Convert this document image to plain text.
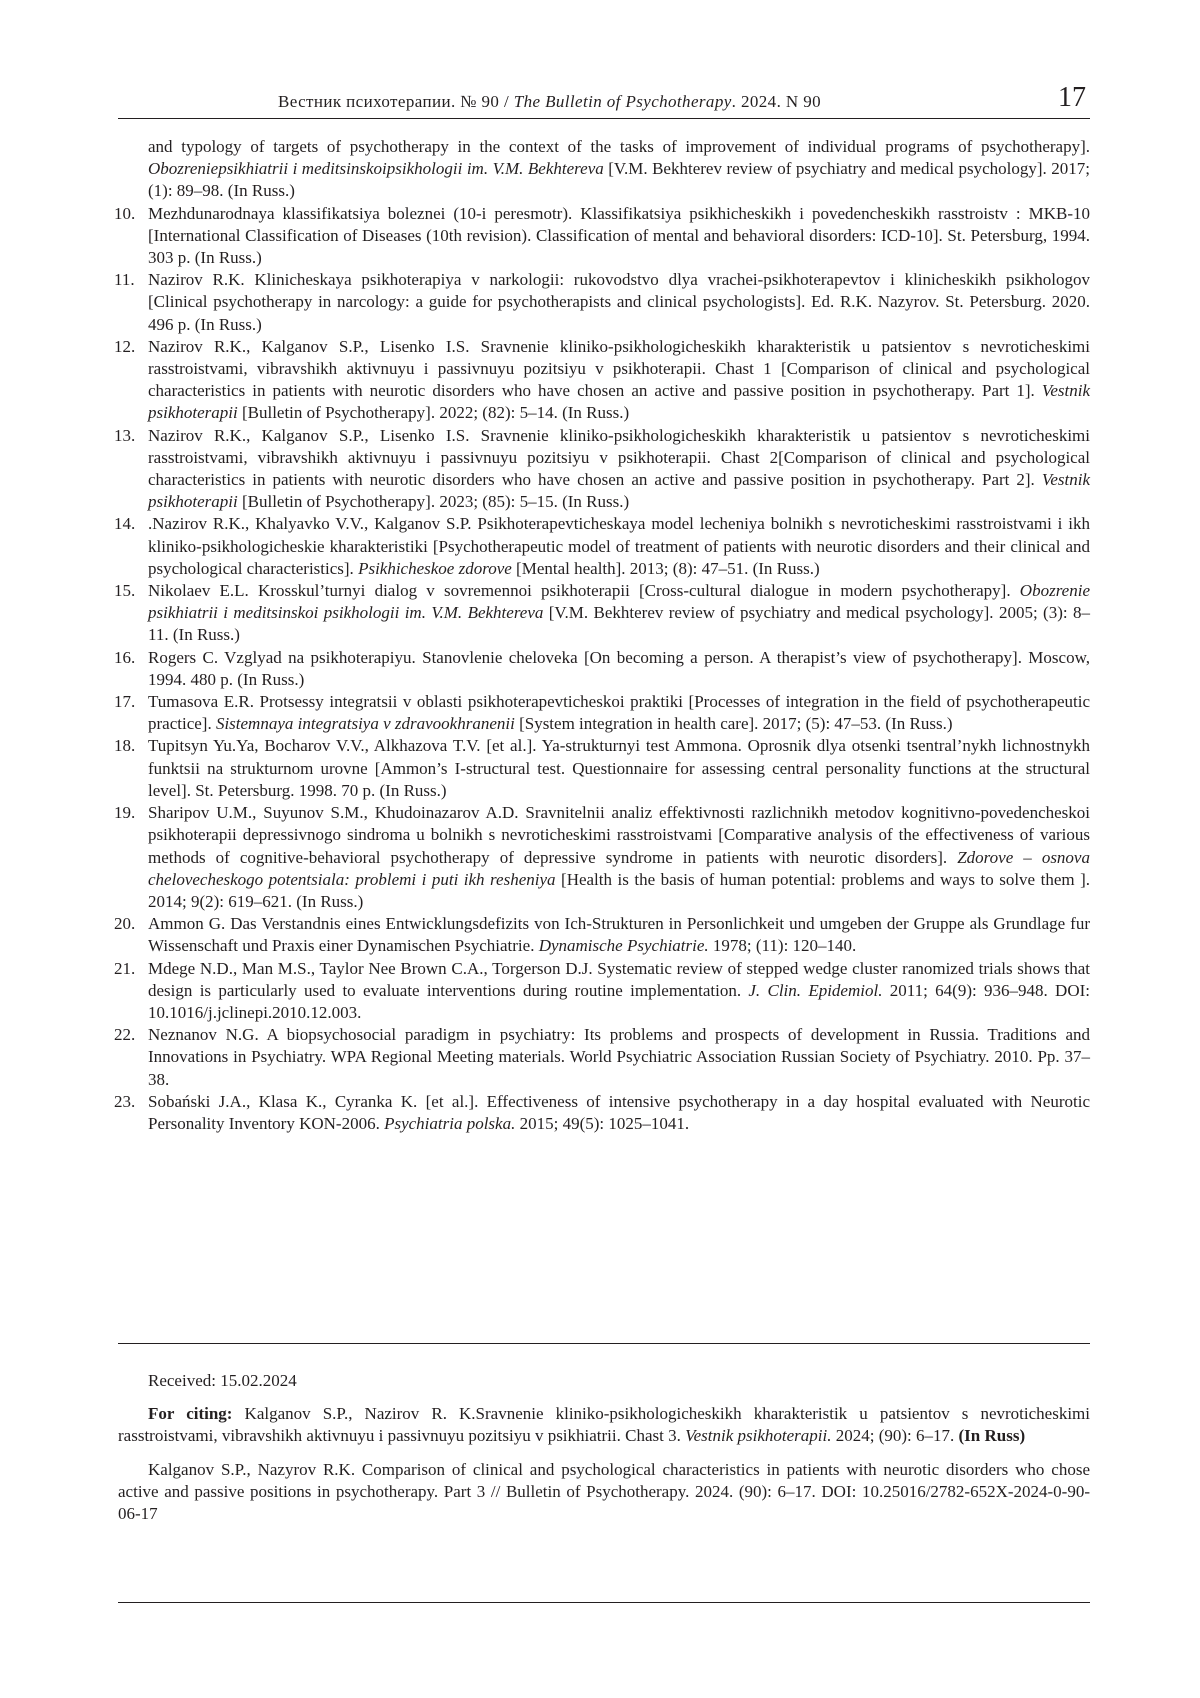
Вестник психотерапии. № 90 / The Bulletin of Psychotherapy. 2024. N 90	17
and typology of targets of psychotherapy in the context of the tasks of improvement of individual programs of psychotherapy]. Obozreniepsikhiatrii i meditsinskoipsikhologii im. V.M. Bekhtereva [V.M. Bekhterev review of psychiatry and medical psychology]. 2017; (1): 89–98. (In Russ.)
10. Mezhdunarodnaya klassifikatsiya boleznei (10-i peresmotr). Klassifikatsiya psikhicheskikh i povedencheskikh rasstroistv : MKB-10 [International Classification of Diseases (10th revision). Classification of mental and behavioral disorders: ICD-10]. St. Petersburg, 1994. 303 p. (In Russ.)
11. Nazirov R.K. Klinicheskaya psikhoterapiya v narkologii: rukovodstvo dlya vrachei-psikhoterapevtov i klinicheskikh psikhologov [Clinical psychotherapy in narcology: a guide for psychotherapists and clinical psychologists]. Ed. R.K. Nazyrov. St. Petersburg. 2020. 496 p. (In Russ.)
12. Nazirov R.K., Kalganov S.P., Lisenko I.S. Sravnenie kliniko-psikhologicheskikh kharakteristik u patsientov s nevroticheskimi rasstroistvami, vibravshikh aktivnuyu i passivnuyu pozitsiyu v psikhoterapii. Chast 1 [Comparison of clinical and psychological characteristics in patients with neurotic disorders who have chosen an active and passive position in psychotherapy. Part 1]. Vestnik psikhoterapii [Bulletin of Psychotherapy]. 2022; (82): 5–14. (In Russ.)
13. Nazirov R.K., Kalganov S.P., Lisenko I.S. Sravnenie kliniko-psikhologicheskikh kharakteristik u patsientov s nevroticheskimi rasstroistvami, vibravshikh aktivnuyu i passivnuyu pozitsiyu v psikhoterapii. Chast 2[Comparison of clinical and psychological characteristics in patients with neurotic disorders who have chosen an active and passive position in psychotherapy. Part 2]. Vestnik psikhoterapii [Bulletin of Psychotherapy]. 2023; (85): 5–15. (In Russ.)
14. .Nazirov R.K., Khalyavko V.V., Kalganov S.P. Psikhoterapevticheskaya model lecheniya bolnikh s nevroticheskimi rasstroistvami i ikh kliniko-psikhologicheskie kharakteristiki [Psychotherapeutic model of treatment of patients with neurotic disorders and their clinical and psychological characteristics]. Psikhicheskoe zdorove [Mental health]. 2013; (8): 47–51. (In Russ.)
15. Nikolaev E.L. Krosskul’turnyi dialog v sovremennoi psikhoterapii [Cross-cultural dialogue in modern psychotherapy]. Obozrenie psikhiatrii i meditsinskoi psikhologii im. V.M. Bekhtereva [V.M. Bekhterev review of psychiatry and medical psychology]. 2005; (3): 8–11. (In Russ.)
16. Rogers C. Vzglyad na psikhoterapiyu. Stanovlenie cheloveka [On becoming a person. A therapist’s view of psychotherapy]. Moscow, 1994. 480 p. (In Russ.)
17. Tumasova E.R. Protsessy integratsii v oblasti psikhoterapevticheskoi praktiki [Processes of integration in the field of psychotherapeutic practice]. Sistemnaya integratsiya v zdravookhranenii [System integration in health care]. 2017; (5): 47–53. (In Russ.)
18. Tupitsyn Yu.Ya, Bocharov V.V., Alkhazova T.V. [et al.]. Ya-strukturnyi test Ammona. Oprosnik dlya otsenki tsentral’nykh lichnostnykh funktsii na strukturnom urovne [Ammon’s I-structural test. Questionnaire for assessing central personality functions at the structural level]. St. Petersburg. 1998. 70 p. (In Russ.)
19. Sharipov U.M., Suyunov S.M., Khudoinazarov A.D. Sravnitelnii analiz effektivnosti razlichnikh metodov kognitivno-povedencheskoi psikhoterapii depressivnogo sindroma u bolnikh s nevroticheskimi rasstroistvami [Comparative analysis of the effectiveness of various methods of cognitive-behavioral psychotherapy of depressive syndrome in patients with neurotic disorders]. Zdorove – osnova chelovecheskogo potentsiala: problemi i puti ikh resheniya [Health is the basis of human potential: problems and ways to solve them ]. 2014; 9(2): 619–621. (In Russ.)
20. Ammon G. Das Verstandnis eines Entwicklungsdefizits von Ich-Strukturen in Personlichkeit und umgeben der Gruppe als Grundlage fur Wissenschaft und Praxis einer Dynamischen Psychiatrie. Dynamische Psychiatrie. 1978; (11): 120–140.
21. Mdege N.D., Man M.S., Taylor Nee Brown C.A., Torgerson D.J. Systematic review of stepped wedge cluster ranomized trials shows that design is particularly used to evaluate interventions during routine implementation. J. Clin. Epidemiol. 2011; 64(9): 936–948. DOI: 10.1016/j.jclinepi.2010.12.003.
22. Neznanov N.G. A biopsychosocial paradigm in psychiatry: Its problems and prospects of development in Russia. Traditions and Innovations in Psychiatry. WPA Regional Meeting materials. World Psychiatric Association Russian Society of Psychiatry. 2010. Pp. 37–38.
23. Sobański J.A., Klasa K., Cyranka K. [et al.]. Effectiveness of intensive psychotherapy in a day hospital evaluated with Neurotic Personality Inventory KON-2006. Psychiatria polska. 2015; 49(5): 1025–1041.

Received: 15.02.2024

For citing: Kalganov S.P., Nazirov R. K.Sravnenie kliniko-psikhologicheskikh kharakteristik u patsientov s nevroticheskimi rasstroistvami, vibravshikh aktivnuyu i passivnuyu pozitsiyu v psikhiatrii. Chast 3. Vestnik psikhoterapii. 2024; (90): 6–17. (In Russ)

Kalganov S.P., Nazyrov R.K. Comparison of clinical and psychological characteristics in patients with neurotic disorders who chose active and passive positions in psychotherapy. Part 3 // Bulletin of Psychotherapy. 2024. (90): 6–17. DOI: 10.25016/2782-652X-2024-0-90-06-17
